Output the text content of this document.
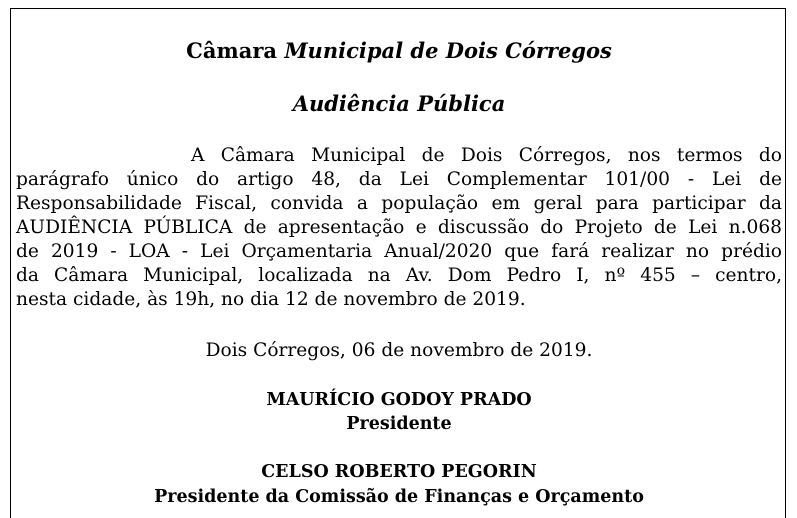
Câmara Municipal de Dois Córregos
Audiência Pública
A Câmara Municipal de Dois Córregos, nos termos do
parágrafo único do artigo 48, da Lei Complementar 101/00 - Lei de
Responsabilidade Fiscal, convida a população em geral para participar da
AUDIÊNCIA PÚBLICA de apresentação e discussão do Projeto de Lei n.068
de 2019 - LOA - Lei Orçamentaria Anual/2020 que fará realizar no prédio
da Câmara Municipal, localizada na Av. Dom Pedro I, nº 455 – centro,
nesta cidade, às 19h, no dia 12 de novembro de 2019.
Dois Córregos, 06 de novembro de 2019.
MAURÍCIO GODOY PRADO
Presidente
CELSO ROBERTO PEGORIN
Presidente da Comissão de Finanças e Orçamento
